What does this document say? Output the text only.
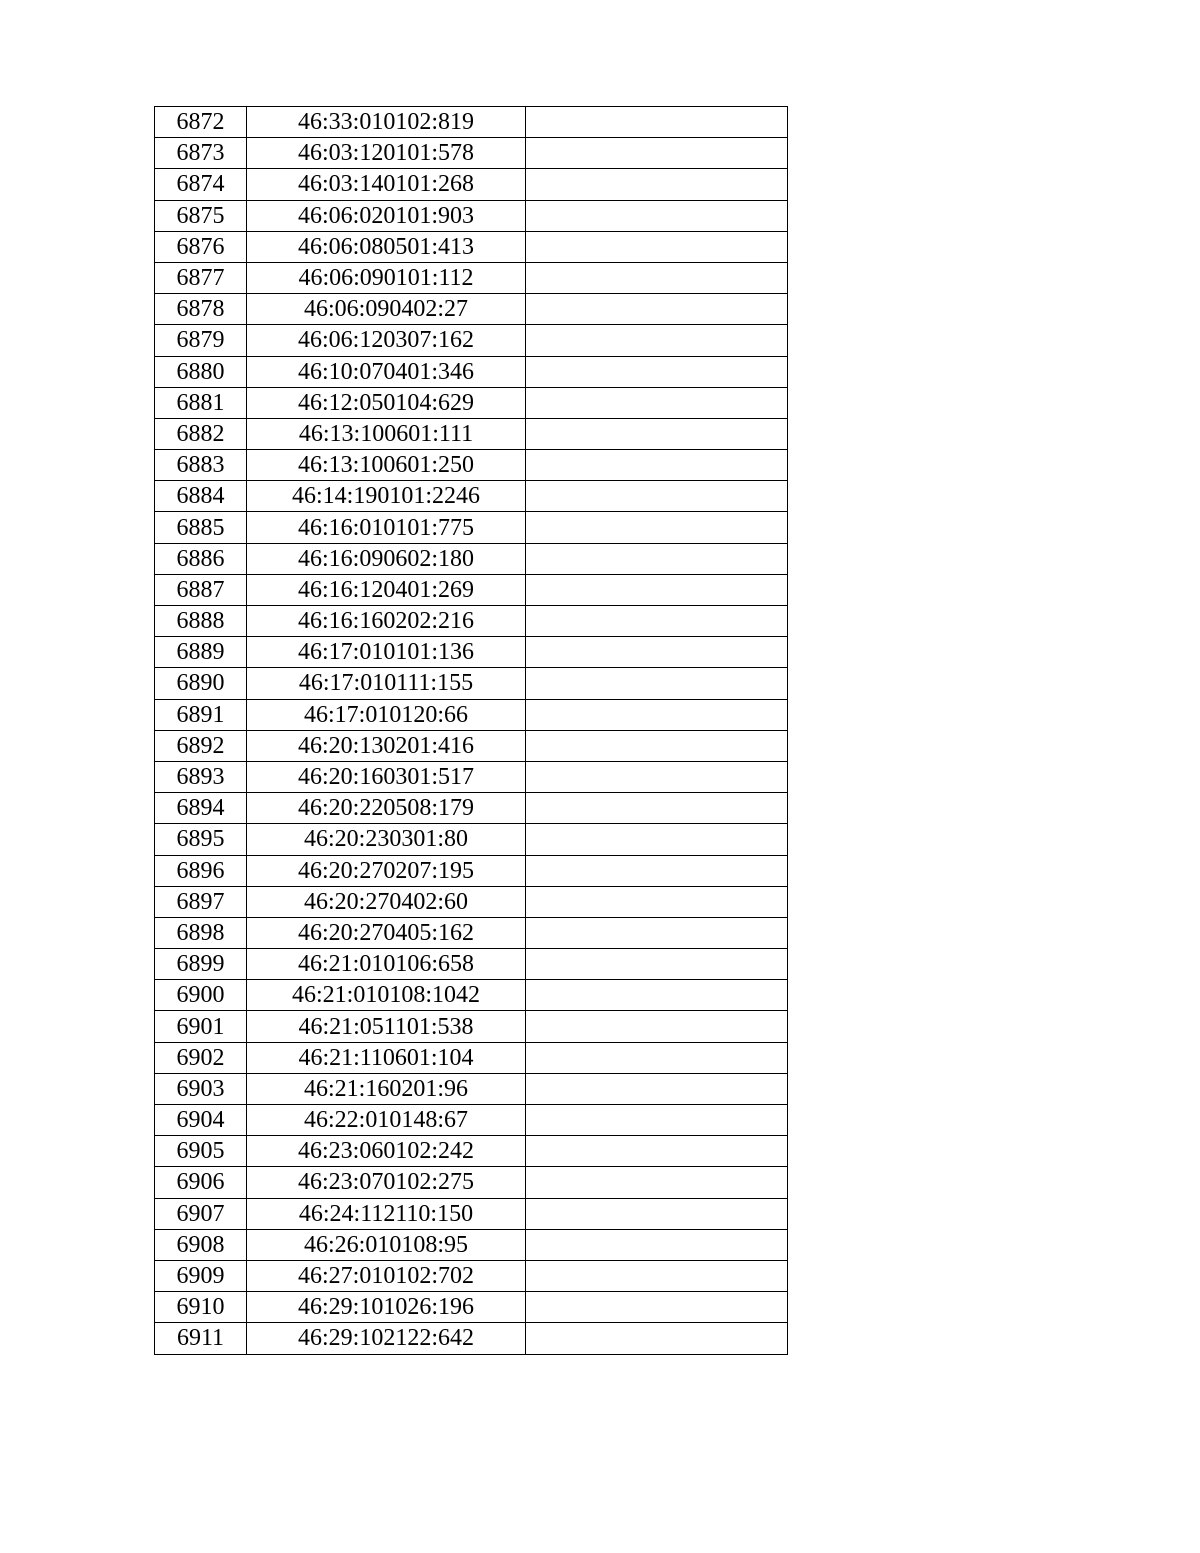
6872	46:33:010102:819	
6873	46:03:120101:578	
6874	46:03:140101:268	
6875	46:06:020101:903	
6876	46:06:080501:413	
6877	46:06:090101:112	
6878	46:06:090402:27	
6879	46:06:120307:162	
6880	46:10:070401:346	
6881	46:12:050104:629	
6882	46:13:100601:111	
6883	46:13:100601:250	
6884	46:14:190101:2246	
6885	46:16:010101:775	
6886	46:16:090602:180	
6887	46:16:120401:269	
6888	46:16:160202:216	
6889	46:17:010101:136	
6890	46:17:010111:155	
6891	46:17:010120:66	
6892	46:20:130201:416	
6893	46:20:160301:517	
6894	46:20:220508:179	
6895	46:20:230301:80	
6896	46:20:270207:195	
6897	46:20:270402:60	
6898	46:20:270405:162	
6899	46:21:010106:658	
6900	46:21:010108:1042	
6901	46:21:051101:538	
6902	46:21:110601:104	
6903	46:21:160201:96	
6904	46:22:010148:67	
6905	46:23:060102:242	
6906	46:23:070102:275	
6907	46:24:112110:150	
6908	46:26:010108:95	
6909	46:27:010102:702	
6910	46:29:101026:196	
6911	46:29:102122:642	
